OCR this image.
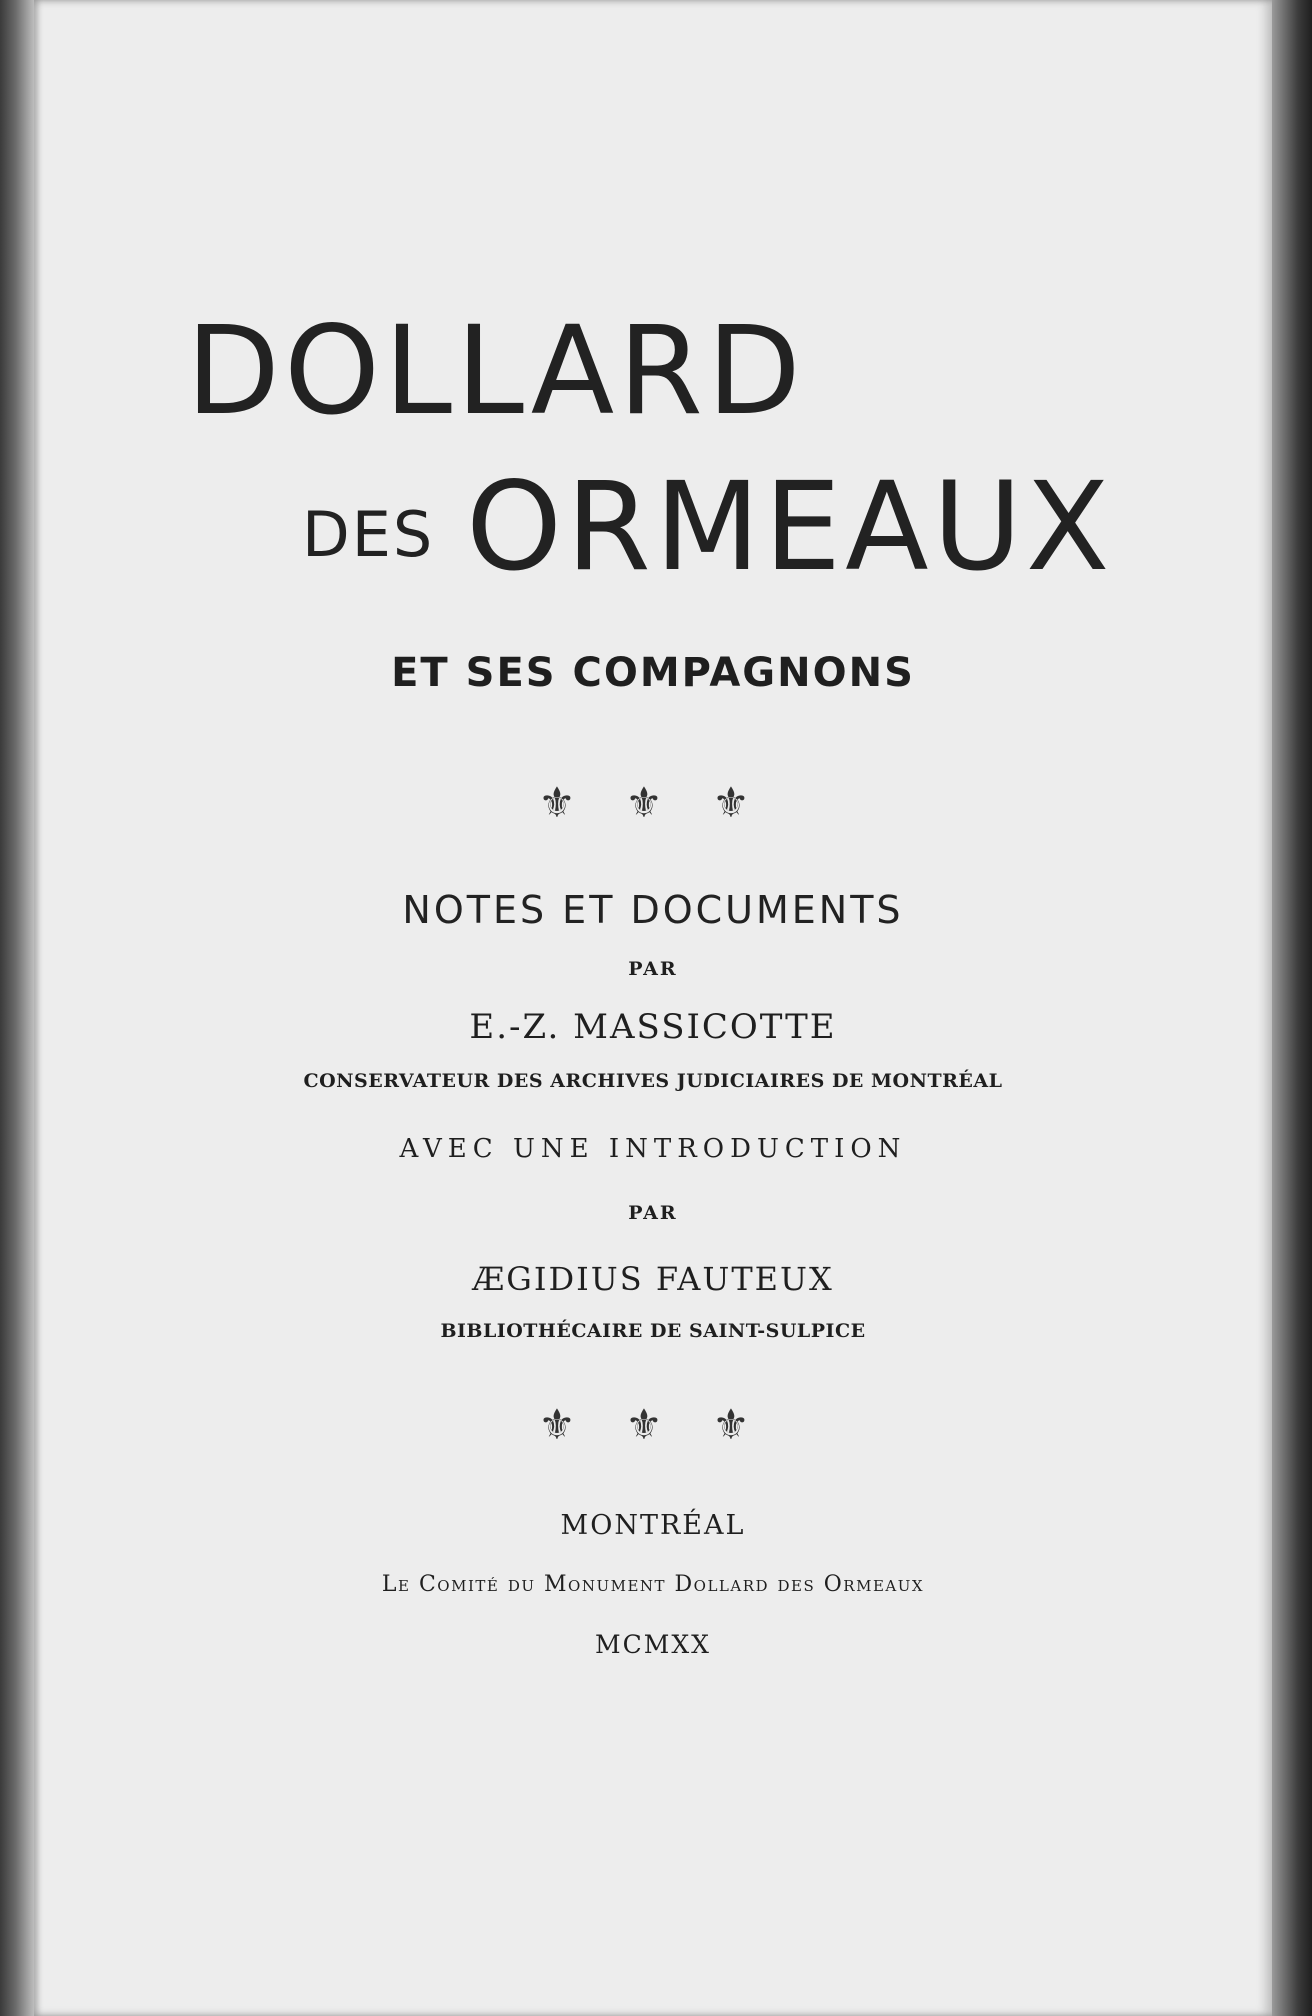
DOLLARD
DES ORMEAUX
ET SES COMPAGNONS
⚜ ⚜ ⚜
NOTES ET DOCUMENTS
PAR
E.-Z. MASSICOTTE
CONSERVATEUR DES ARCHIVES JUDICIAIRES DE MONTRÉAL
AVEC UNE INTRODUCTION
PAR
ÆGIDIUS FAUTEUX
BIBLIOTHÉCAIRE DE SAINT-SULPICE
⚜ ⚜ ⚜
MONTRÉAL
Le Comité du Monument Dollard des Ormeaux
MCMXX
